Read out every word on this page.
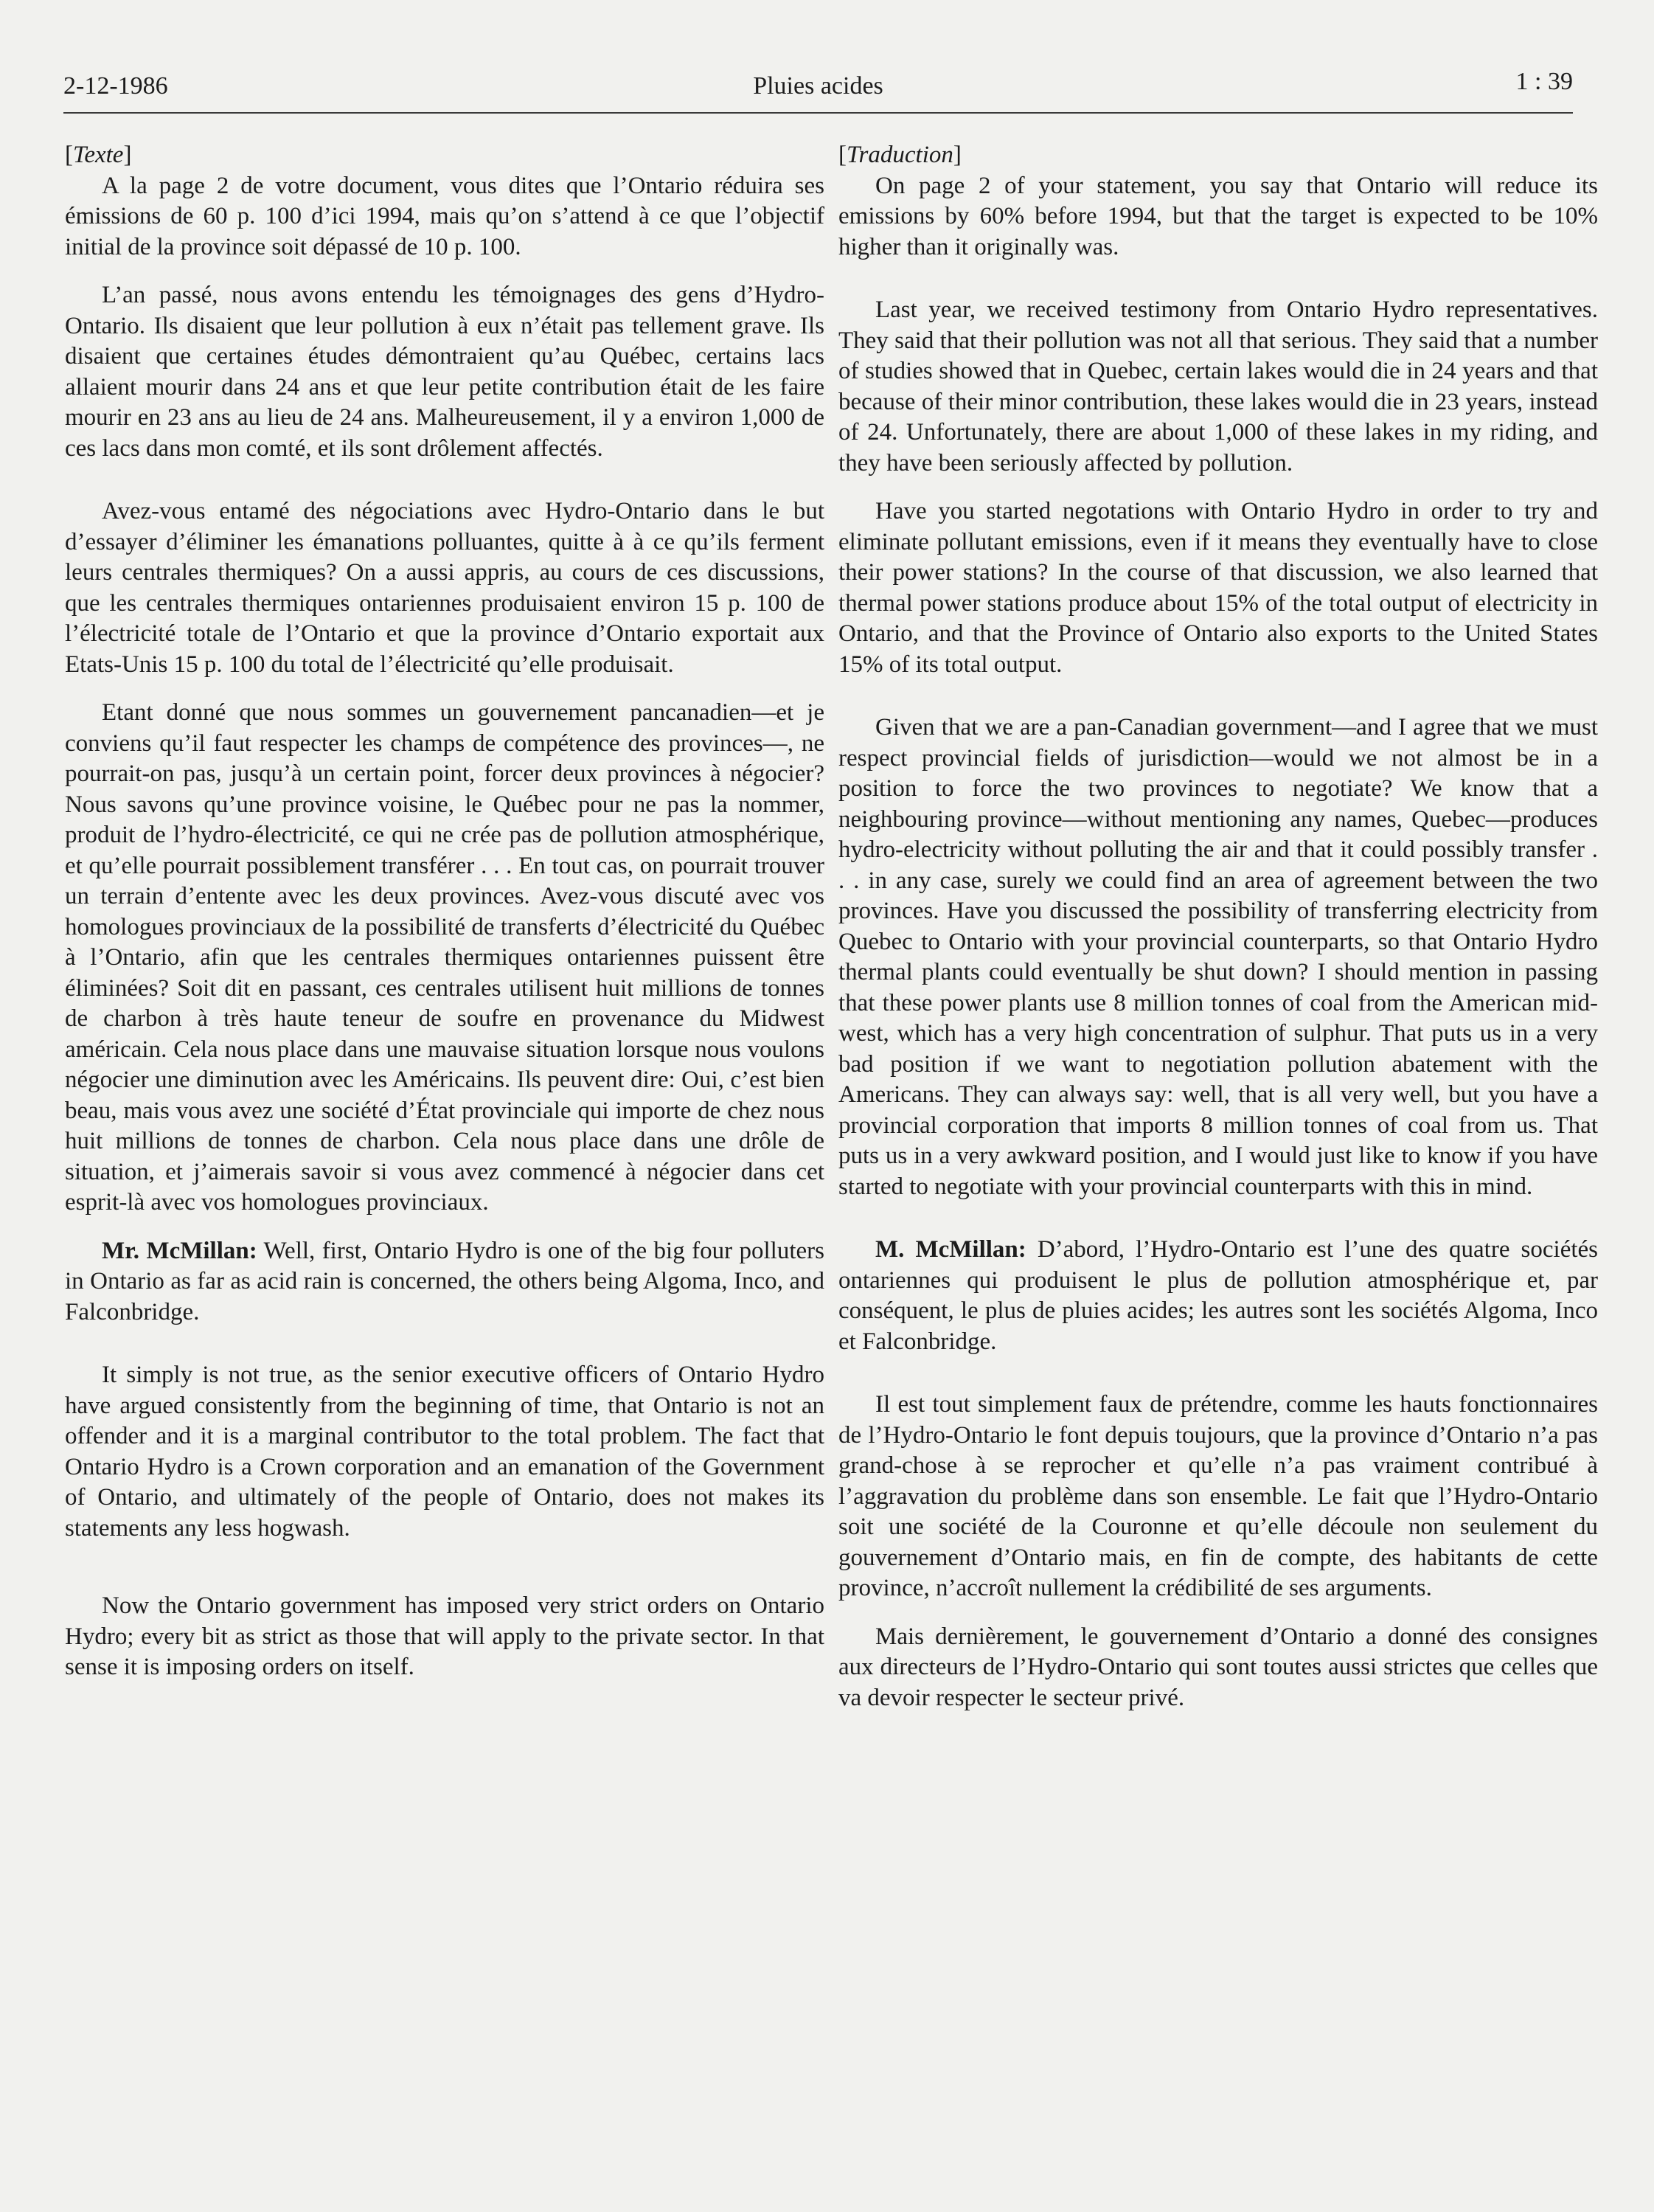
2-12-1986	Pluies acides	1 : 39

[Texte]

A la page 2 de votre document, vous dites que l’Ontario réduira ses émissions de 60 p. 100 d’ici 1994, mais qu’on s’attend à ce que l’objectif initial de la province soit dépassé de 10 p. 100.

L’an passé, nous avons entendu les témoignages des gens d’Hydro-Ontario. Ils disaient que leur pollution à eux n’était pas tellement grave. Ils disaient que certaines études démontraient qu’au Québec, certains lacs allaient mourir dans 24 ans et que leur petite contribution était de les faire mourir en 23 ans au lieu de 24 ans. Malheureusement, il y a environ 1,000 de ces lacs dans mon comté, et ils sont drôlement affectés.

Avez-vous entamé des négociations avec Hydro-Ontario dans le but d’essayer d’éliminer les émanations polluantes, quitte à à ce qu’ils ferment leurs centrales thermiques? On a aussi appris, au cours de ces discussions, que les centrales thermiques ontariennes produisaient environ 15 p. 100 de l’électricité totale de l’Ontario et que la province d’Ontario exportait aux Etats-Unis 15 p. 100 du total de l’électricité qu’elle produisait.

Etant donné que nous sommes un gouvernement pancanadien—et je conviens qu’il faut respecter les champs de compétence des provinces—, ne pourrait-on pas, jusqu’à un certain point, forcer deux provinces à négocier? Nous savons qu’une province voisine, le Québec pour ne pas la nommer, produit de l’hydro-électricité, ce qui ne crée pas de pollution atmosphérique, et qu’elle pourrait possiblement transférer . . . En tout cas, on pourrait trouver un terrain d’entente avec les deux provinces. Avez-vous discuté avec vos homologues provinciaux de la possibilité de transferts d’électricité du Québec à l’Ontario, afin que les centrales thermiques ontariennes puissent être éliminées? Soit dit en passant, ces centrales utilisent huit millions de tonnes de charbon à très haute teneur de soufre en provenance du Midwest américain. Cela nous place dans une mauvaise situation lorsque nous voulons négocier une diminution avec les Américains. Ils peuvent dire: Oui, c’est bien beau, mais vous avez une société d’État provinciale qui importe de chez nous huit millions de tonnes de charbon. Cela nous place dans une drôle de situation, et j’aimerais savoir si vous avez commencé à négocier dans cet esprit-là avec vos homologues provinciaux.

Mr. McMillan: Well, first, Ontario Hydro is one of the big four polluters in Ontario as far as acid rain is concerned, the others being Algoma, Inco, and Falconbridge.

It simply is not true, as the senior executive officers of Ontario Hydro have argued consistently from the beginning of time, that Ontario is not an offender and it is a marginal contributor to the total problem. The fact that Ontario Hydro is a Crown corporation and an emanation of the Government of Ontario, and ultimately of the people of Ontario, does not makes its statements any less hogwash.

Now the Ontario government has imposed very strict orders on Ontario Hydro; every bit as strict as those that will apply to the private sector. In that sense it is imposing orders on itself.

[Traduction]

On page 2 of your statement, you say that Ontario will reduce its emissions by 60% before 1994, but that the target is expected to be 10% higher than it originally was.

Last year, we received testimony from Ontario Hydro representatives. They said that their pollution was not all that serious. They said that a number of studies showed that in Quebec, certain lakes would die in 24 years and that because of their minor contribution, these lakes would die in 23 years, instead of 24. Unfortunately, there are about 1,000 of these lakes in my riding, and they have been seriously affected by pollution.

Have you started negotations with Ontario Hydro in order to try and eliminate pollutant emissions, even if it means they eventually have to close their power stations? In the course of that discussion, we also learned that thermal power stations produce about 15% of the total output of electricity in Ontario, and that the Province of Ontario also exports to the United States 15% of its total output.

Given that we are a pan-Canadian government—and I agree that we must respect provincial fields of jurisdiction—would we not almost be in a position to force the two provinces to negotiate? We know that a neighbouring province—without mentioning any names, Quebec—produces hydro-electricity without polluting the air and that it could possibly transfer . . . in any case, surely we could find an area of agreement between the two provinces. Have you discussed the possibility of transferring electricity from Quebec to Ontario with your provincial counterparts, so that Ontario Hydro thermal plants could eventually be shut down? I should mention in passing that these power plants use 8 million tonnes of coal from the American mid-west, which has a very high concentration of sulphur. That puts us in a very bad position if we want to negotiation pollution abatement with the Americans. They can always say: well, that is all very well, but you have a provincial corporation that imports 8 million tonnes of coal from us. That puts us in a very awkward position, and I would just like to know if you have started to negotiate with your provincial counterparts with this in mind.

M. McMillan: D’abord, l’Hydro-Ontario est l’une des quatre sociétés ontariennes qui produisent le plus de pollution atmosphérique et, par conséquent, le plus de pluies acides; les autres sont les sociétés Algoma, Inco et Falconbridge.

Il est tout simplement faux de prétendre, comme les hauts fonctionnaires de l’Hydro-Ontario le font depuis toujours, que la province d’Ontario n’a pas grand-chose à se reprocher et qu’elle n’a pas vraiment contribué à l’aggravation du problème dans son ensemble. Le fait que l’Hydro-Ontario soit une société de la Couronne et qu’elle découle non seulement du gouvernement d’Ontario mais, en fin de compte, des habitants de cette province, n’accroît nullement la crédibilité de ses arguments.

Mais dernièrement, le gouvernement d’Ontario a donné des consignes aux directeurs de l’Hydro-Ontario qui sont toutes aussi strictes que celles que va devoir respecter le secteur privé.
